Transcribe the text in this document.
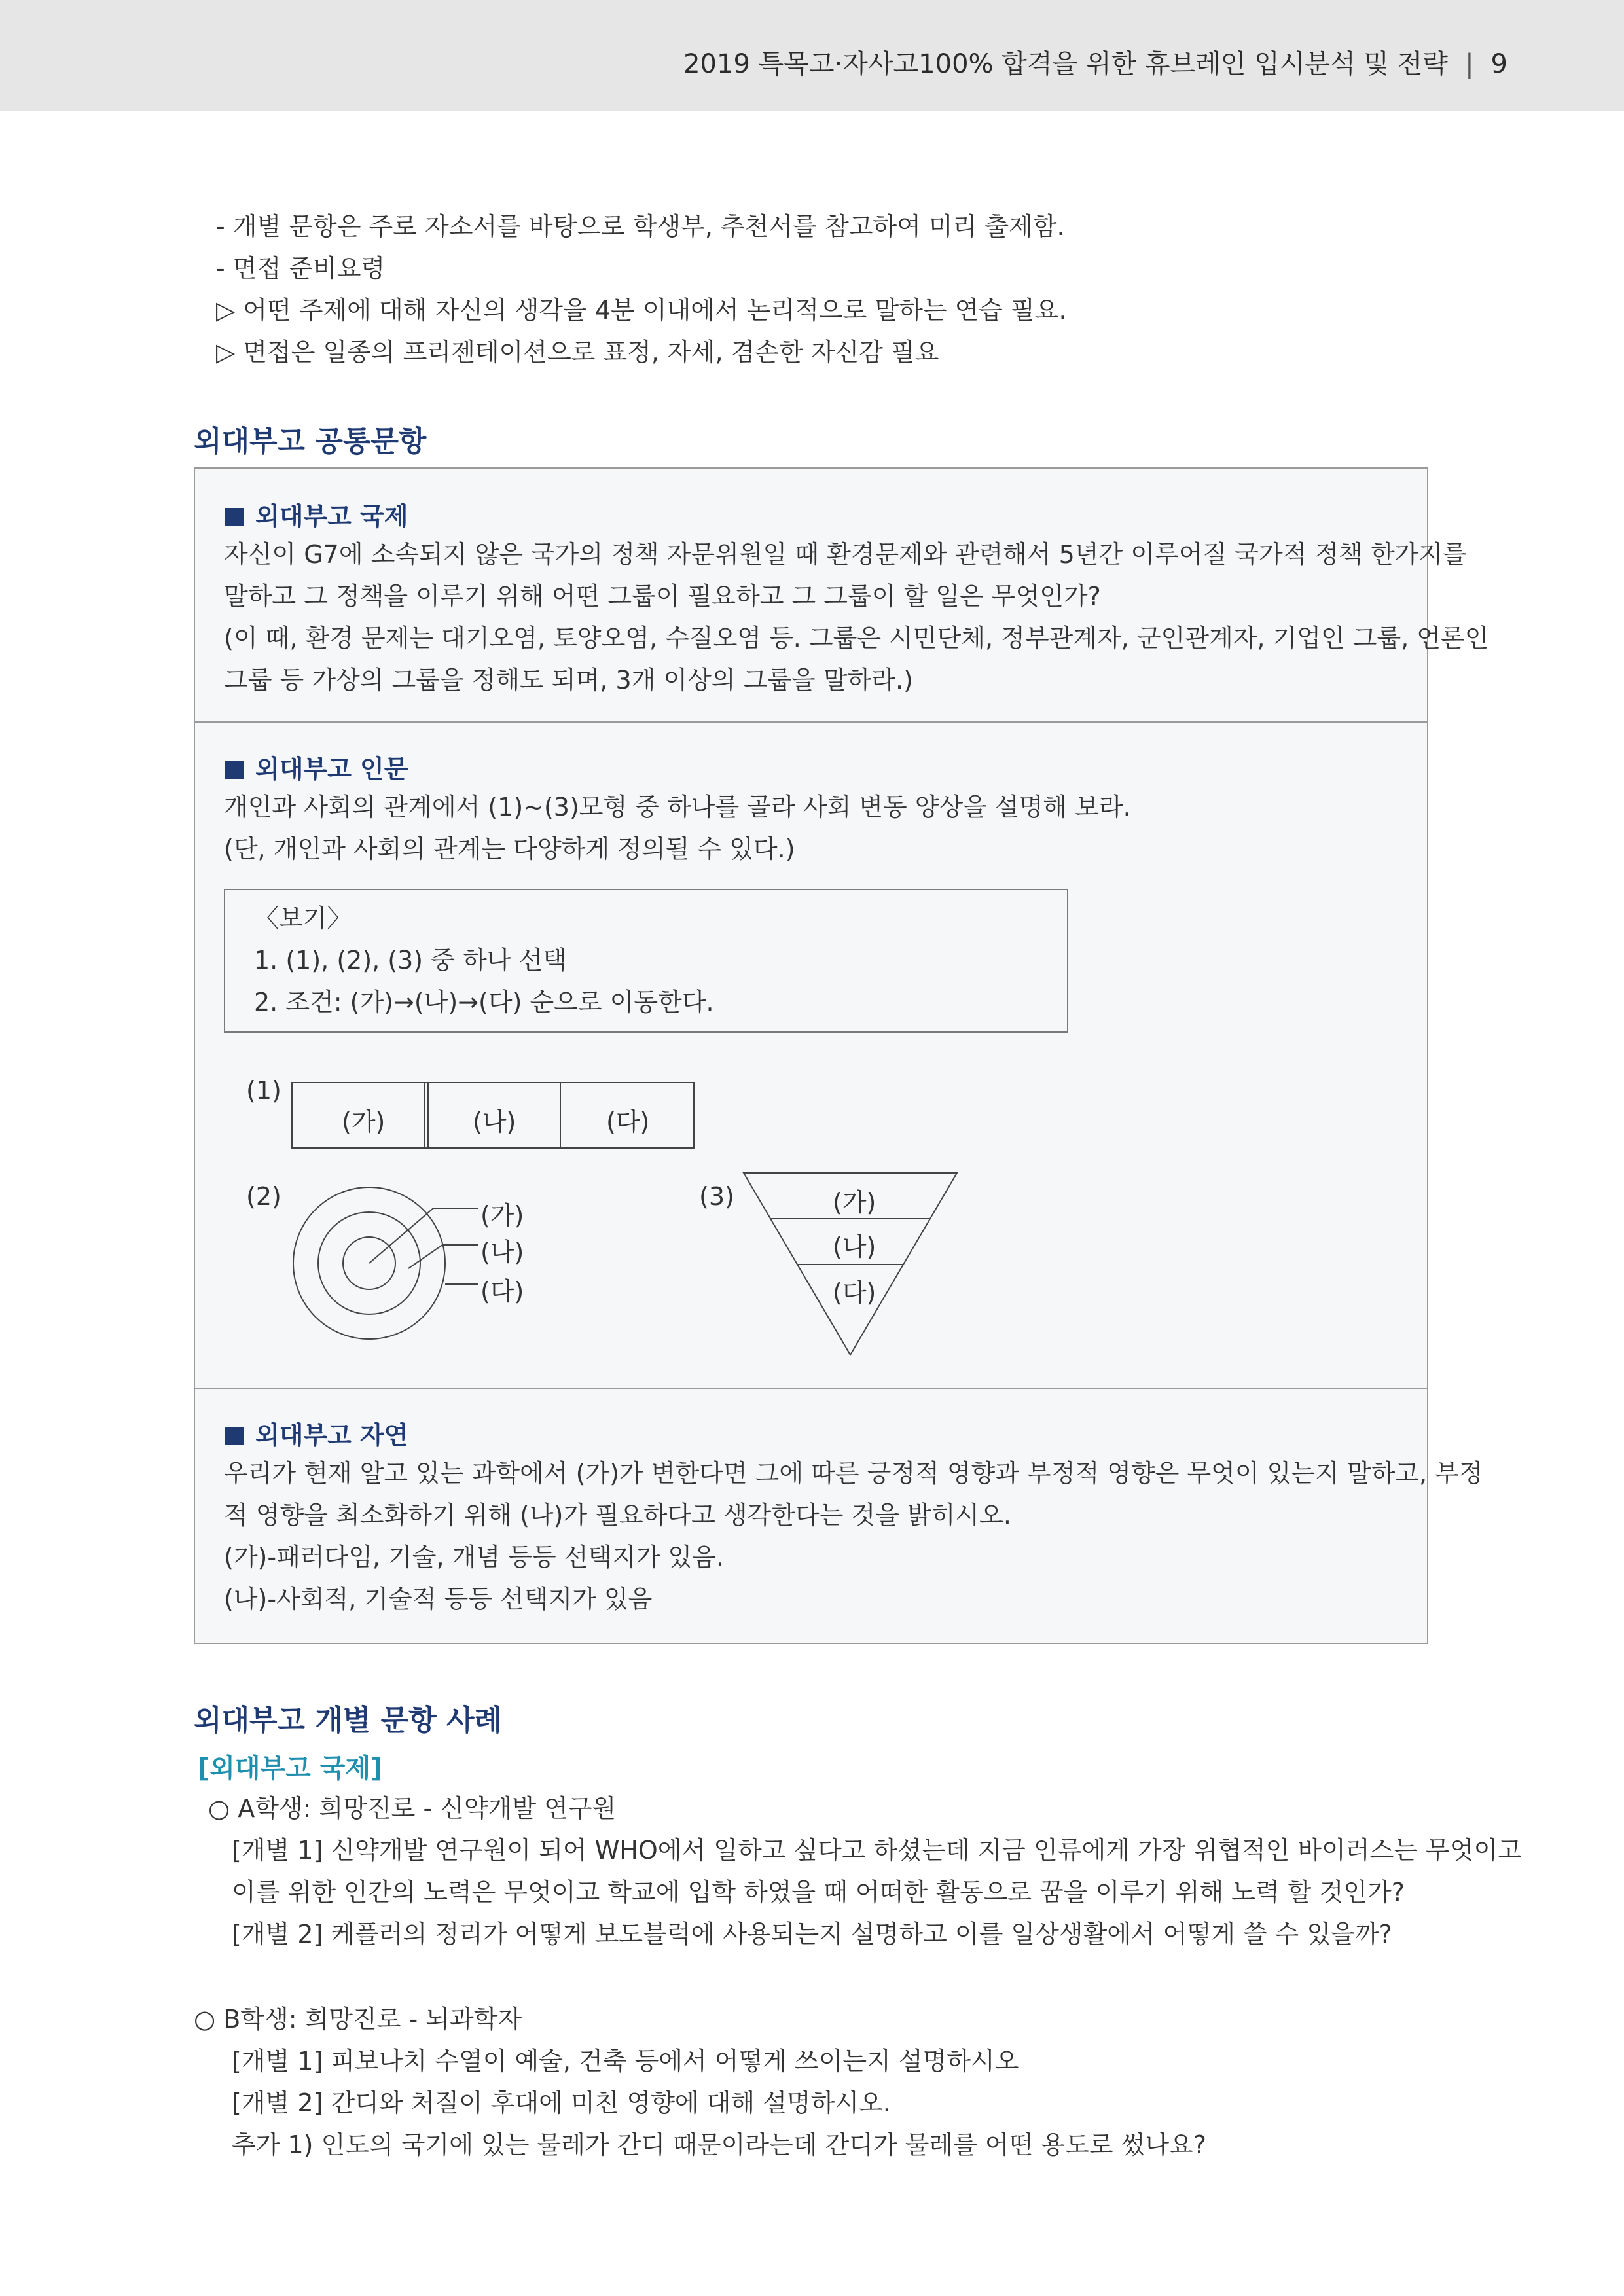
2019 특목고·자사고100% 합격을 위한 휴브레인 입시분석 및 전략 | 9
- 개별 문항은 주로 자소서를 바탕으로 학생부, 추천서를 참고하여 미리 출제함.
- 면접 준비요령
▷ 어떤 주제에 대해 자신의 생각을 4분 이내에서 논리적으로 말하는 연습 필요.
▷ 면접은 일종의 프리젠테이션으로 표정, 자세, 겸손한 자신감 필요
외대부고 공통문항
외대부고 국제
자신이 G7에 소속되지 않은 국가의 정책 자문위원일 때 환경문제와 관련해서 5년간 이루어질 국가적 정책 한가지를
말하고 그 정책을 이루기 위해 어떤 그룹이 필요하고 그 그룹이 할 일은 무엇인가?
(이 때, 환경 문제는 대기오염, 토양오염, 수질오염 등. 그룹은 시민단체, 정부관계자, 군인관계자, 기업인 그룹, 언론인
그룹 등 가상의 그룹을 정해도 되며, 3개 이상의 그룹을 말하라.)
외대부고 인문
개인과 사회의 관계에서 (1)~(3)모형 중 하나를 골라 사회 변동 양상을 설명해 보라.
(단, 개인과 사회의 관계는 다양하게 정의될 수 있다.)
〈보기〉
1. (1), (2), (3) 중 하나 선택
2. 조건: (가)→(나)→(다) 순으로 이동한다.
(1)
(가)	(나)	(다)
(2)
(가)
(나)
(다)
(3)	(가)
(나)
(다)
외대부고 자연
우리가 현재 알고 있는 과학에서 (가)가 변한다면 그에 따른 긍정적 영향과 부정적 영향은 무엇이 있는지 말하고, 부정
적 영향을 최소화하기 위해 (나)가 필요하다고 생각한다는 것을 밝히시오.
(가)-패러다임, 기술, 개념 등등 선택지가 있음.
(나)-사회적, 기술적 등등 선택지가 있음
외대부고 개별 문항 사례
[외대부고 국제]
○ A학생: 희망진로 - 신약개발 연구원
[개별 1] 신약개발 연구원이 되어 WHO에서 일하고 싶다고 하셨는데 지금 인류에게 가장 위협적인 바이러스는 무엇이고
이를 위한 인간의 노력은 무엇이고 학교에 입학 하였을 때 어떠한 활동으로 꿈을 이루기 위해 노력 할 것인가?
[개별 2] 케플러의 정리가 어떻게 보도블럭에 사용되는지 설명하고 이를 일상생활에서 어떻게 쓸 수 있을까?
○ B학생: 희망진로 - 뇌과학자
[개별 1] 피보나치 수열이 예술, 건축 등에서 어떻게 쓰이는지 설명하시오
[개별 2] 간디와 처질이 후대에 미친 영향에 대해 설명하시오.
추가 1) 인도의 국기에 있는 물레가 간디 때문이라는데 간디가 물레를 어떤 용도로 썼나요?
